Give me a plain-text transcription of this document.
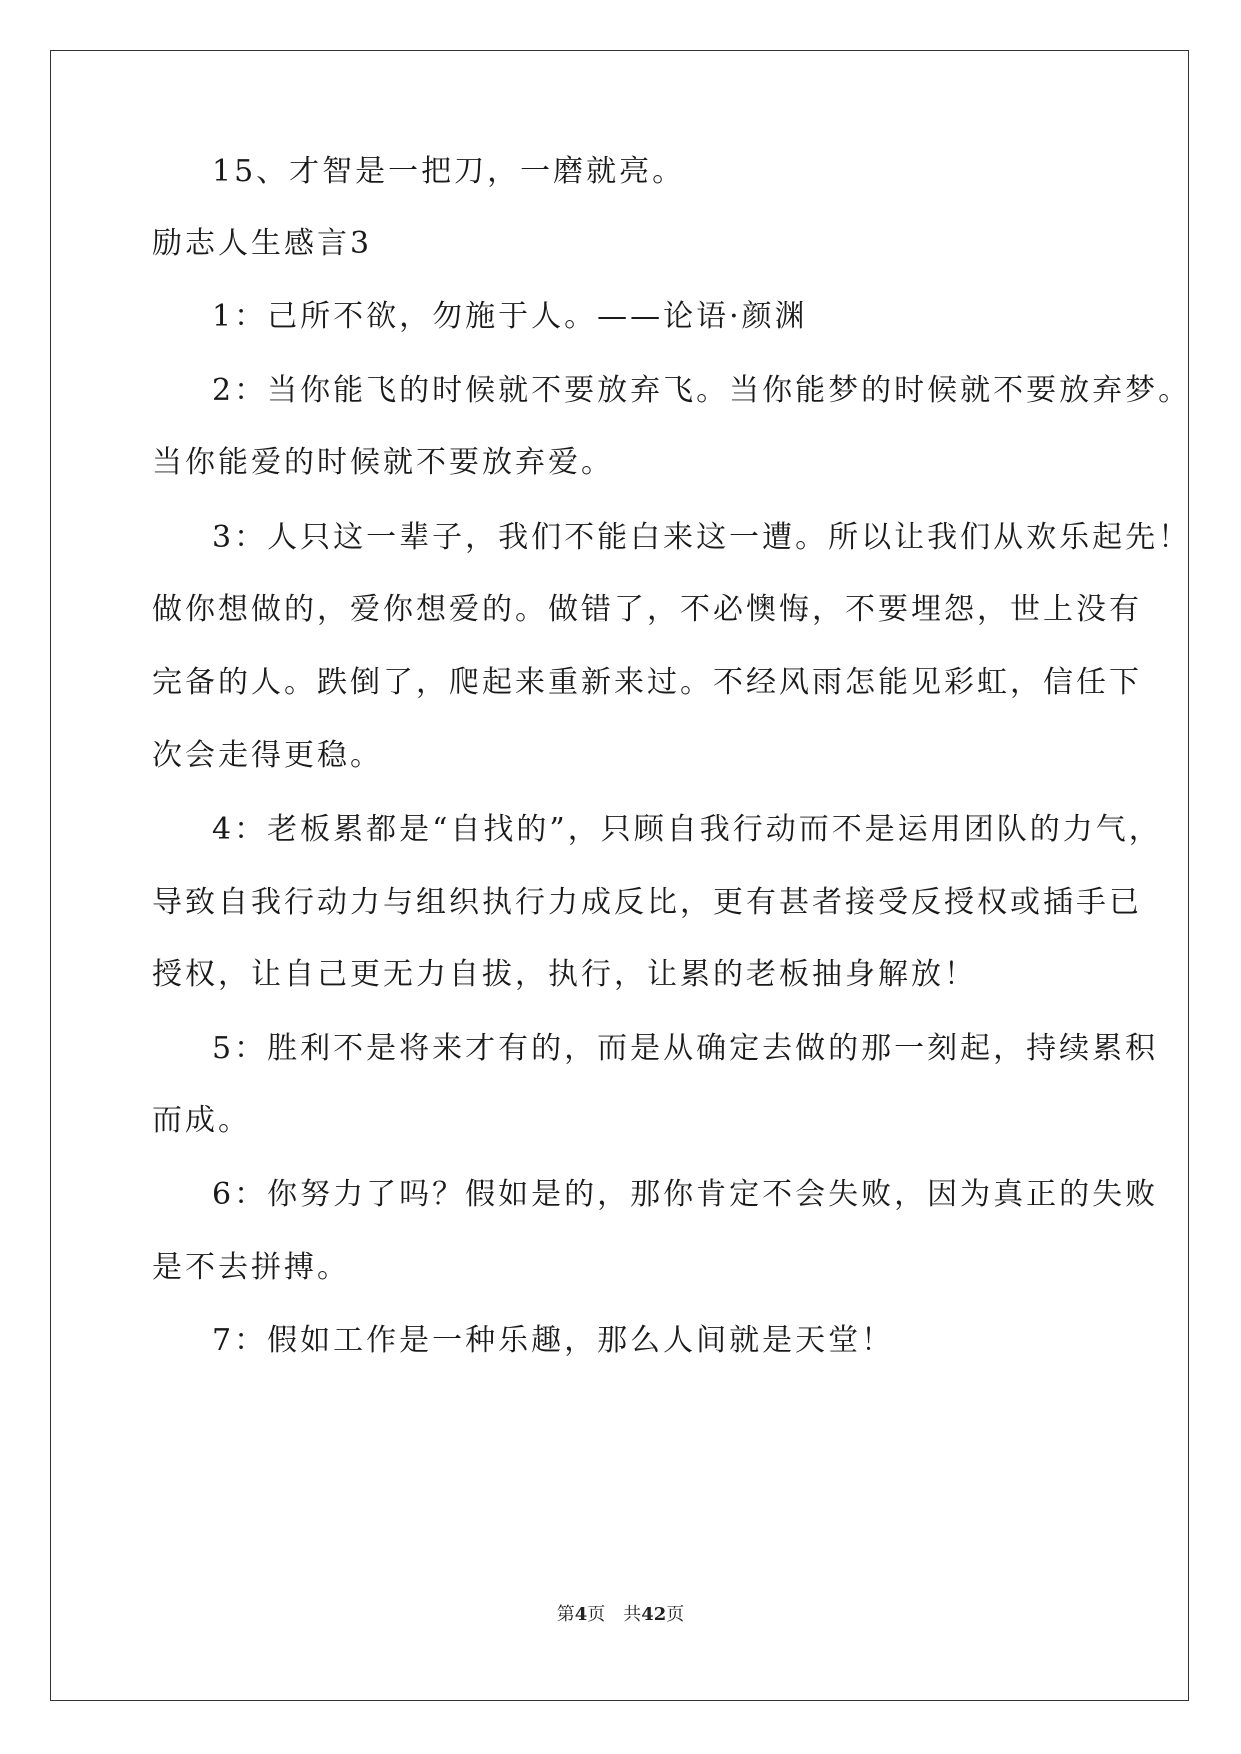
15、才智是一把刀，一磨就亮。
励志人生感言3
1：己所不欲，勿施于人。——论语·颜渊
2：当你能飞的时候就不要放弃飞。当你能梦的时候就不要放弃梦。
当你能爱的时候就不要放弃爱。
3：人只这一辈子，我们不能白来这一遭。所以让我们从欢乐起先！
做你想做的，爱你想爱的。做错了，不必懊悔，不要埋怨，世上没有
完备的人。跌倒了，爬起来重新来过。不经风雨怎能见彩虹，信任下
次会走得更稳。
4：老板累都是“自找的”，只顾自我行动而不是运用团队的力气，
导致自我行动力与组织执行力成反比，更有甚者接受反授权或插手已
授权，让自己更无力自拔，执行，让累的老板抽身解放！
5：胜利不是将来才有的，而是从确定去做的那一刻起，持续累积
而成。
6：你努力了吗？假如是的，那你肯定不会失败，因为真正的失败
是不去拼搏。
7：假如工作是一种乐趣，那么人间就是天堂！
第4页　共42页
